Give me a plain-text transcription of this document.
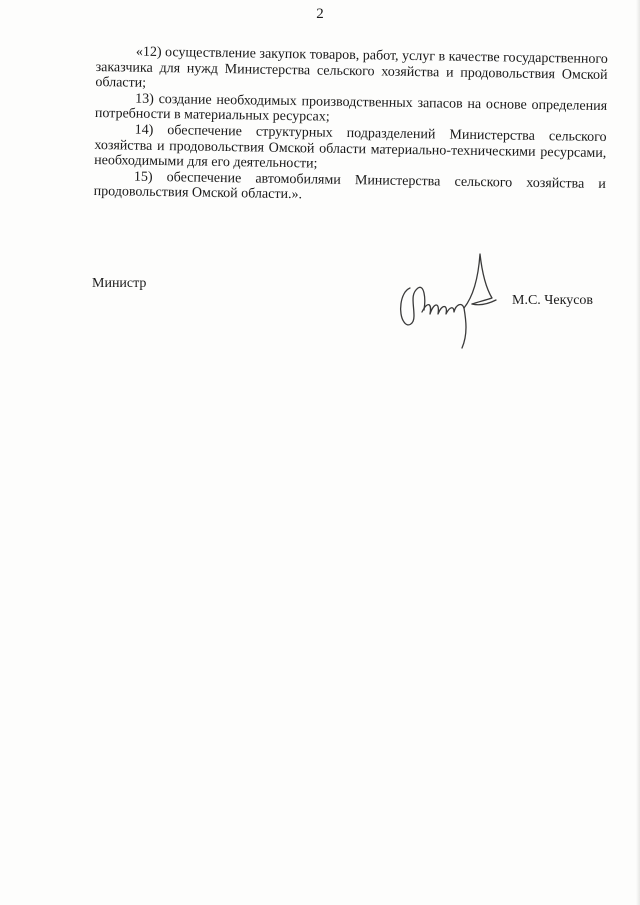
2

«12) осуществление закупок товаров, работ, услуг в качестве государственного заказчика для нужд Министерства сельского хозяйства и продовольствия Омской области;

13) создание необходимых производственных запасов на основе определения потребности в материальных ресурсах;

14) обеспечение структурных подразделений Министерства сельского хозяйства и продовольствия Омской области материально-техническими ресурсами, необходимыми для его деятельности;

15) обеспечение автомобилями Министерства сельского хозяйства и продовольствия Омской области.».

Министр
М.С. Чекусов
